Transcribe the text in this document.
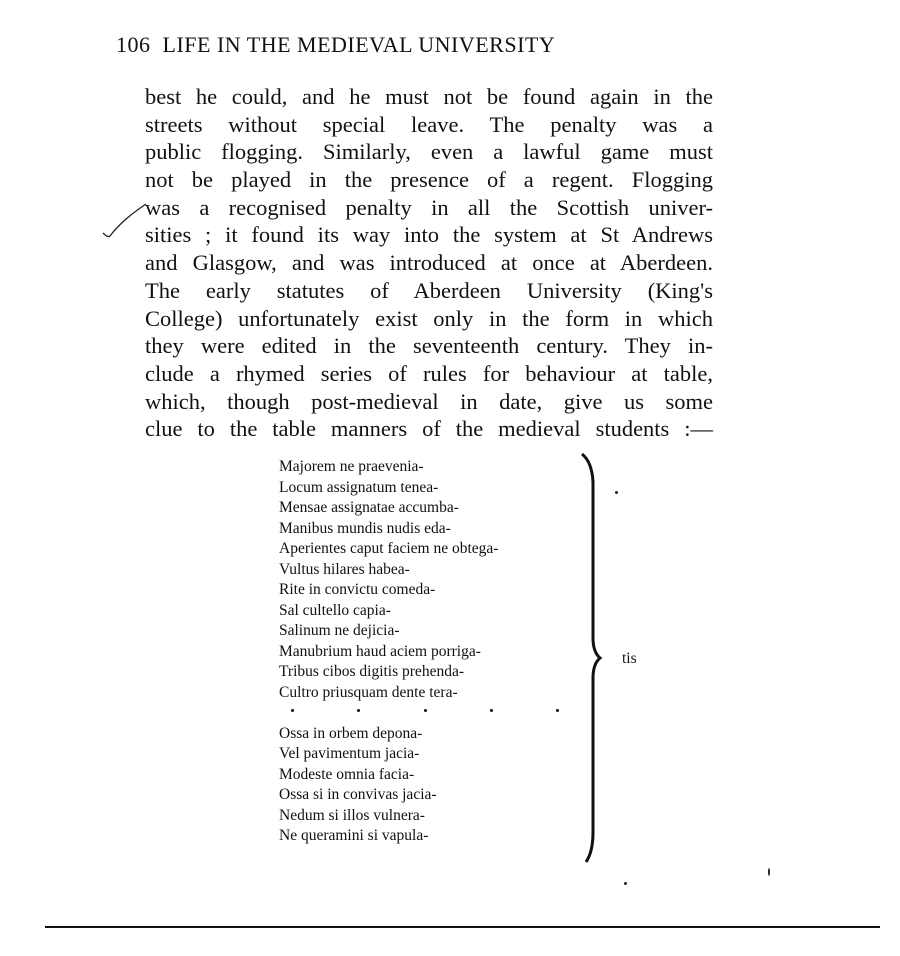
106 LIFE IN THE MEDIEVAL UNIVERSITY
best he could, and he must not be found again in the
streets without special leave. The penalty was a
public flogging. Similarly, even a lawful game must
not be played in the presence of a regent. Flogging
was a recognised penalty in all the Scottish univer-
sities ; it found its way into the system at St Andrews
and Glasgow, and was introduced at once at Aberdeen.
The early statutes of Aberdeen University (King's
College) unfortunately exist only in the form in which
they were edited in the seventeenth century. They in-
clude a rhymed series of rules for behaviour at table,
which, though post-medieval in date, give us some
clue to the table manners of the medieval students :—
Majorem ne praevenia-
Locum assignatum tenea-
Mensae assignatae accumba-
Manibus mundis nudis eda-
Aperientes caput faciem ne obtega-
Vultus hilares habea-
Rite in convictu comeda-
Sal cultello capia-
Salinum ne dejicia-
Manubrium haud aciem porriga-
Tribus cibos digitis prehenda-
Cultro priusquam dente tera-
Ossa in orbem depona-
Vel pavimentum jacia-
Modeste omnia facia-
Ossa si in convivas jacia-
Nedum si illos vulnera-
Ne queramini si vapula-
tis
